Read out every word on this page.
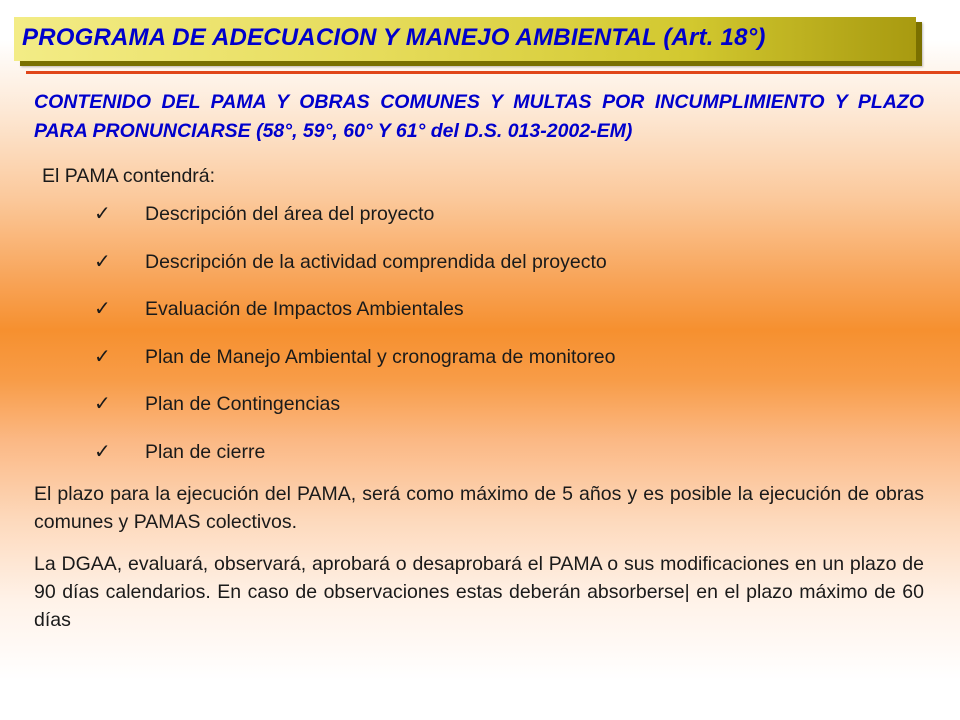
PROGRAMA DE ADECUACION Y MANEJO AMBIENTAL (Art. 18°)

CONTENIDO DEL PAMA Y OBRAS COMUNES Y MULTAS POR INCUMPLIMIENTO Y PLAZO PARA PRONUNCIARSE (58°, 59°, 60° Y 61° del D.S. 013-2002-EM)

El PAMA contendrá:

✓ Descripción del área del proyecto
✓ Descripción de la actividad comprendida del proyecto
✓ Evaluación de Impactos Ambientales
✓ Plan de Manejo Ambiental y cronograma de monitoreo
✓ Plan de Contingencias
✓ Plan de cierre

El plazo para la ejecución del PAMA, será como máximo de 5 años y es posible la ejecución de obras comunes y PAMAS colectivos.

La DGAA, evaluará, observará, aprobará o desaprobará el PAMA o sus modificaciones en un plazo de 90 días calendarios. En caso de observaciones estas deberán absorberse| en el plazo máximo de 60 días
